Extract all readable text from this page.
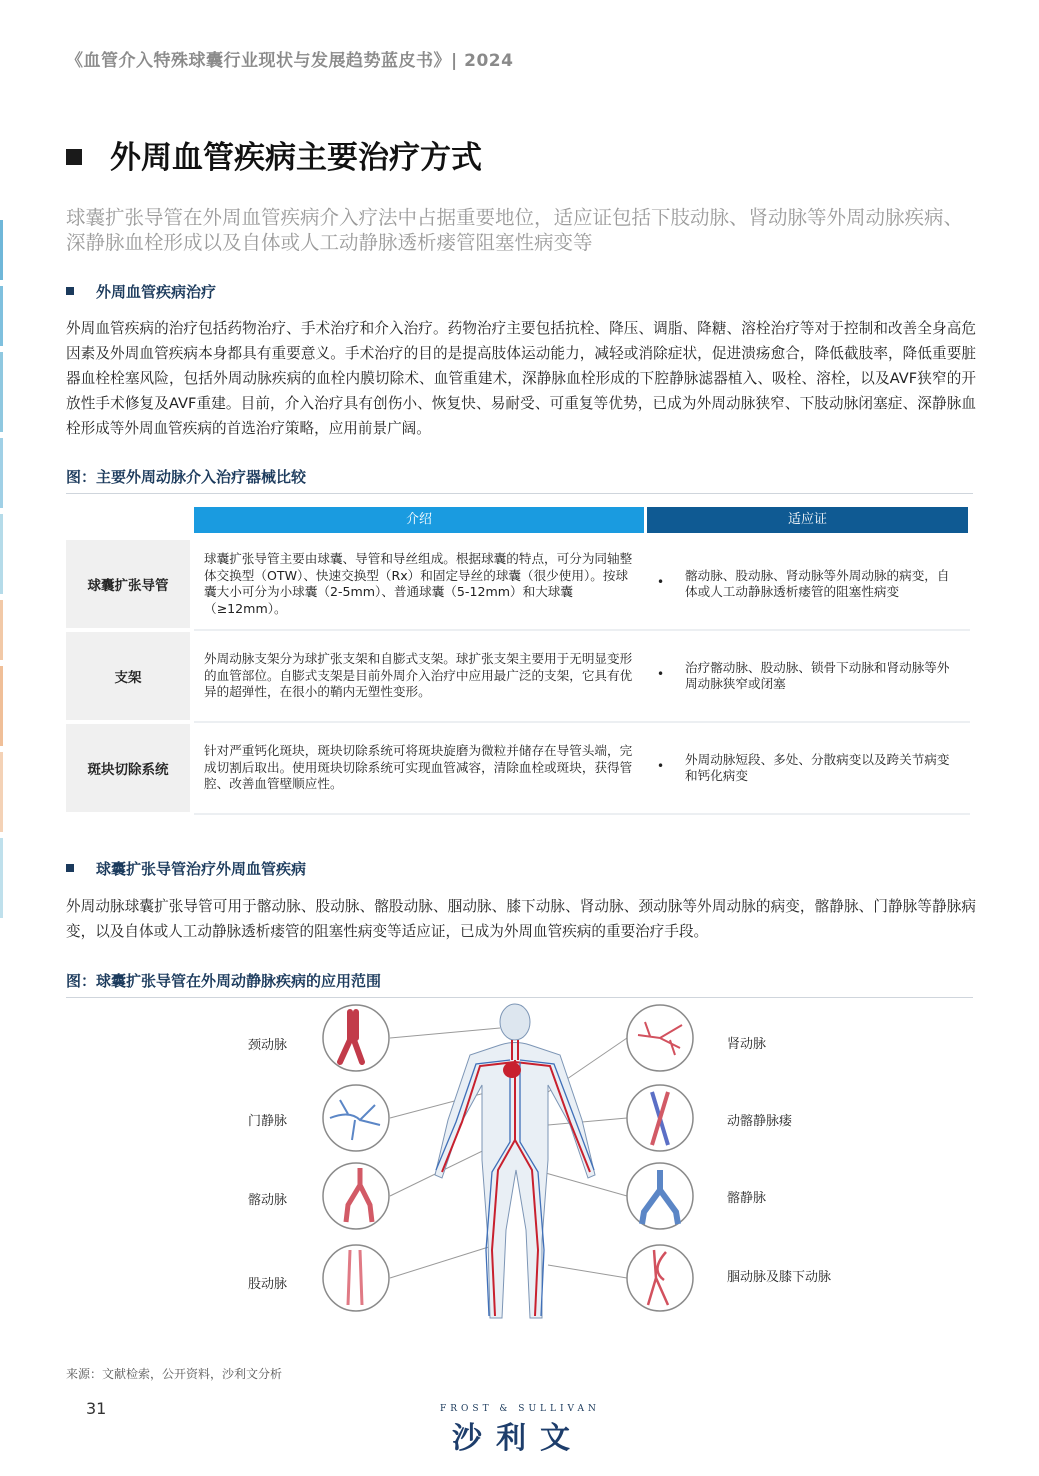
《血管介入特殊球囊行业现状与发展趋势蓝皮书》| 2024
外周血管疾病主要治疗方式
球囊扩张导管在外周血管疾病介入疗法中占据重要地位，适应证包括下肢动脉、肾动脉等外周动脉疾病、深静脉血栓形成以及自体或人工动静脉透析瘘管阻塞性病变等
外周血管疾病治疗
外周血管疾病的治疗包括药物治疗、手术治疗和介入治疗。药物治疗主要包括抗栓、降压、调脂、降糖、溶栓治疗等对于控制和改善全身高危因素及外周血管疾病本身都具有重要意义。手术治疗的目的是提高肢体运动能力，减轻或消除症状，促进溃疡愈合，降低截肢率，降低重要脏器血栓栓塞风险，包括外周动脉疾病的血栓内膜切除术、血管重建术，深静脉血栓形成的下腔静脉滤器植入、吸栓、溶栓，以及AVF狭窄的开放性手术修复及AVF重建。目前，介入治疗具有创伤小、恢复快、易耐受、可重复等优势，已成为外周动脉狭窄、下肢动脉闭塞症、深静脉血栓形成等外周血管疾病的首选治疗策略，应用前景广阔。
图：主要外周动脉介入治疗器械比较
介绍	适应证
球囊扩张导管
球囊扩张导管主要由球囊、导管和导丝组成。根据球囊的特点，可分为同轴整体交换型（OTW）、快速交换型（Rx）和固定导丝的球囊（很少使用）。按球囊大小可分为小球囊（2-5mm）、普通球囊（5-12mm）和大球囊（≥12mm）。
• 髂动脉、股动脉、肾动脉等外周动脉的病变，自体或人工动静脉透析瘘管的阻塞性病变
支架
外周动脉支架分为球扩张支架和自膨式支架。球扩张支架主要用于无明显变形的血管部位。自膨式支架是目前外周介入治疗中应用最广泛的支架，它具有优异的超弹性，在很小的鞘内无塑性变形。
• 治疗髂动脉、股动脉、锁骨下动脉和肾动脉等外周动脉狭窄或闭塞
斑块切除系统
针对严重钙化斑块，斑块切除系统可将斑块旋磨为微粒并储存在导管头端，完成切割后取出。使用斑块切除系统可实现血管减容，清除血栓或斑块，获得管腔、改善血管壁顺应性。
• 外周动脉短段、多处、分散病变以及跨关节病变和钙化病变
球囊扩张导管治疗外周血管疾病
外周动脉球囊扩张导管可用于髂动脉、股动脉、髂股动脉、腘动脉、膝下动脉、肾动脉、颈动脉等外周动脉的病变，髂静脉、门静脉等静脉病变，以及自体或人工动静脉透析瘘管的阻塞性病变等适应证，已成为外周血管疾病的重要治疗手段。
图：球囊扩张导管在外周动静脉疾病的应用范围
颈动脉
门静脉
髂动脉
股动脉
肾动脉
动髂静脉瘘
髂静脉
腘动脉及膝下动脉
来源：文献检索，公开资料，沙利文分析
31	FROST & SULLIVAN
沙利文
